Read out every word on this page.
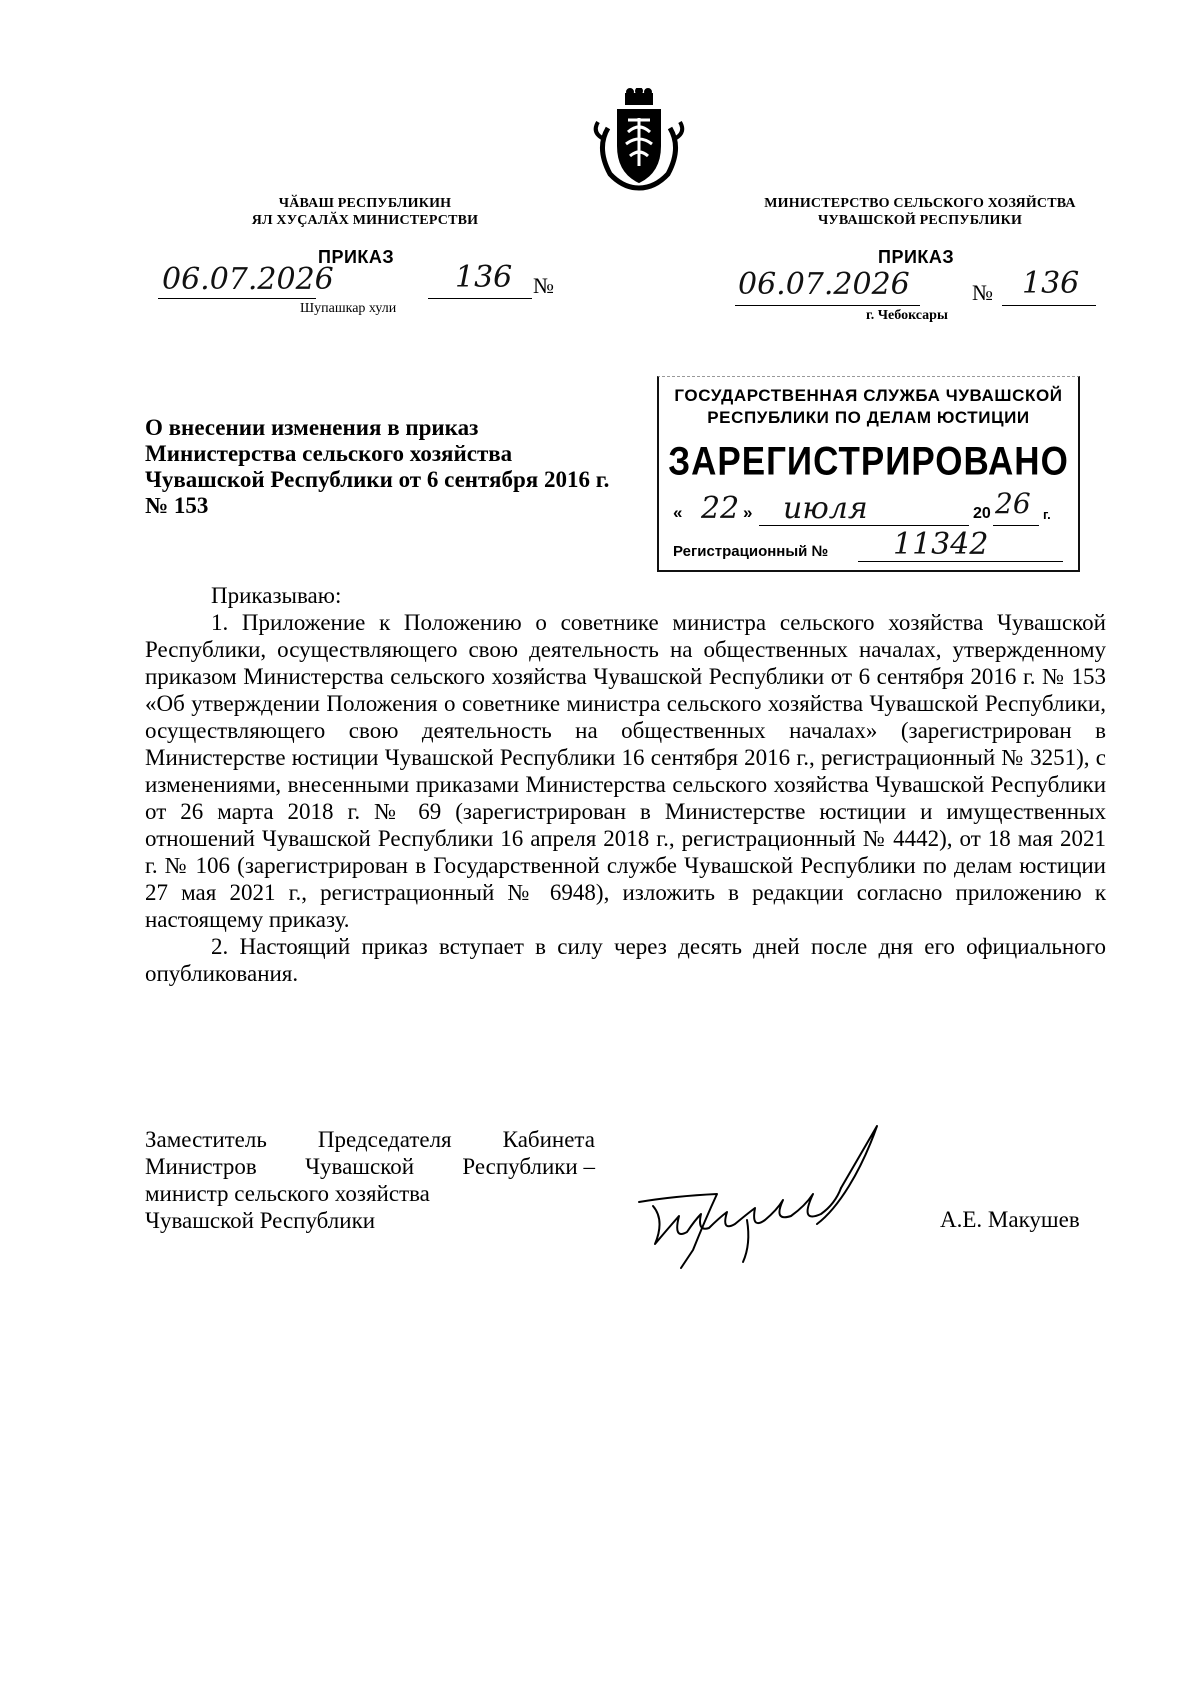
ЧӐВАШ РЕСПУБЛИКИН
ЯЛ ХУҪАЛӐХ МИНИСТЕРСТВИ
ПРИКАЗ
06.07.2026	136 №
Шупашкар хули
МИНИСТЕРСТВО СЕЛЬСКОГО ХОЗЯЙСТВА
ЧУВАШСКОЙ РЕСПУБЛИКИ
ПРИКАЗ
06.07.2026	№ 136
г. Чебоксары
ГОСУДАРСТВЕННАЯ СЛУЖБА ЧУВАШСКОЙ
РЕСПУБЛИКИ ПО ДЕЛАМ ЮСТИЦИИ
ЗАРЕГИСТРИРОВАНО
« 22 » июля	20 26 г.
Регистрационный № 11342
О внесении изменения в приказ Министерства сельского хозяйства Чувашской Республики от 6 сентября 2016 г. № 153

Приказываю:

1. Приложение к Положению о советнике министра сельского хозяйства Чувашской Республики, осуществляющего свою деятельность на общественных началах, утвержденному приказом Министерства сельского хозяйства Чувашской Республики от 6 сентября 2016 г. № 153 «Об утверждении Положения о советнике министра сельского хозяйства Чувашской Республики, осуществляющего свою деятельность на общественных началах» (зарегистрирован в Министерстве юстиции Чувашской Республики 16 сентября 2016 г., регистрационный № 3251), с изменениями, внесенными приказами Министерства сельского хозяйства Чувашской Республики от 26 марта 2018 г. № 69 (зарегистрирован в Министерстве юстиции и имущественных отношений Чувашской Республики 16 апреля 2018 г., регистрационный № 4442), от 18 мая 2021 г. № 106 (зарегистрирован в Государственной службе Чувашской Республики по делам юстиции 27 мая 2021 г., регистрационный № 6948), изложить в редакции согласно приложению к настоящему приказу.

2. Настоящий приказ вступает в силу через десять дней после дня его официального опубликования.

Заместитель Председателя Кабинета
Министров Чувашской Республики –
министр сельского хозяйства
Чувашской Республики	А.Е. Макушев
